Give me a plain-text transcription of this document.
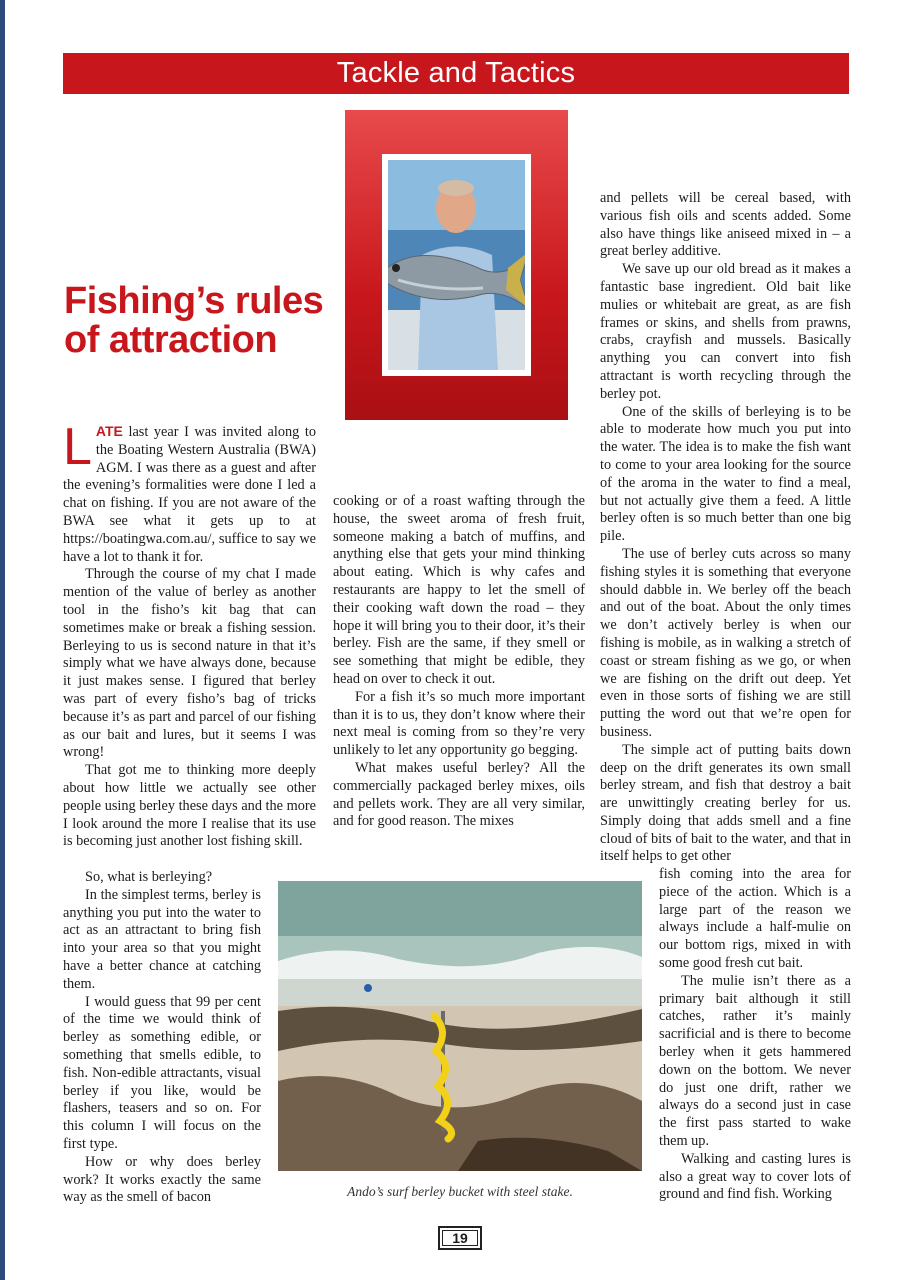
Tackle and Tactics
Fishing’s rules of attraction

LATE last year I was invited along to the Boating Western Australia (BWA) AGM. I was there as a guest and after the evening’s formalities were done I led a chat on fishing. If you are not aware of the BWA see what it gets up to at https://boatingwa.com.au/, suffice to say we have a lot to thank it for.

Through the course of my chat I made mention of the value of berley as another tool in the fisho’s kit bag that can sometimes make or break a fishing session. Berleying to us is second nature in that it’s simply what we have always done, because it just makes sense. I figured that berley was part of every fisho’s bag of tricks because it’s as part and parcel of our fishing as our bait and lures, but it seems I was wrong!

That got me to thinking more deeply about how little we actually see other people using berley these days and the more I look around the more I realise that its use is becoming just another lost fishing skill.

So, what is berleying?

In the simplest terms, berley is anything you put into the water to act as an attractant to bring fish into your area so that you might have a better chance at catching them.

I would guess that 99 per cent of the time we would think of berley as something edible, or something that smells edible, to fish. Non-edible attractants, visual berley if you like, would be flashers, teasers and so on. For this column I will focus on the first type.

How or why does berley work? It works exactly the same way as the smell of bacon

cooking or of a roast wafting through the house, the sweet aroma of fresh fruit, someone making a batch of muffins, and anything else that gets your mind thinking about eating. Which is why cafes and restaurants are happy to let the smell of their cooking waft down the road – they hope it will bring you to their door, it’s their berley. Fish are the same, if they smell or see something that might be edible, they head on over to check it out.

For a fish it’s so much more important than it is to us, they don’t know where their next meal is coming from so they’re very unlikely to let any opportunity go begging.

What makes useful berley? All the commercially packaged berley mixes, oils and pellets work. They are all very similar, and for good reason. The mixes

and pellets will be cereal based, with various fish oils and scents added. Some also have things like aniseed mixed in – a great berley additive.

We save up our old bread as it makes a fantastic base ingredient. Old bait like mulies or whitebait are great, as are fish frames or skins, and shells from prawns, crabs, crayfish and mussels. Basically anything you can convert into fish attractant is worth recycling through the berley pot.

One of the skills of berleying is to be able to moderate how much you put into the water. The idea is to make the fish want to come to your area looking for the source of the aroma in the water to find a meal, but not actually give them a feed. A little berley often is so much better than one big pile.

The use of berley cuts across so many fishing styles it is something that everyone should dabble in. We berley off the beach and out of the boat. About the only times we don’t actively berley is when our fishing is mobile, as in walking a stretch of coast or stream fishing as we go, or when we are fishing on the drift out deep. Yet even in those sorts of fishing we are still putting the word out that we’re open for business.

The simple act of putting baits down deep on the drift generates its own small berley stream, and fish that destroy a bait are unwittingly creating berley for us. Simply doing that adds smell and a fine cloud of bits of bait to the water, and that in itself helps to get other

fish coming into the area for piece of the action. Which is a large part of the reason we always include a half-mulie on our bottom rigs, mixed in with some good fresh cut bait.

The mulie isn’t there as a primary bait although it still catches, rather it’s mainly sacrificial and is there to become berley when it gets hammered down on the bottom. We never do just one drift, rather we always do a second just in case the first pass started to wake them up.

Walking and casting lures is also a great way to cover lots of ground and find fish. Working

Ando’s surf berley bucket with steel stake.
19
